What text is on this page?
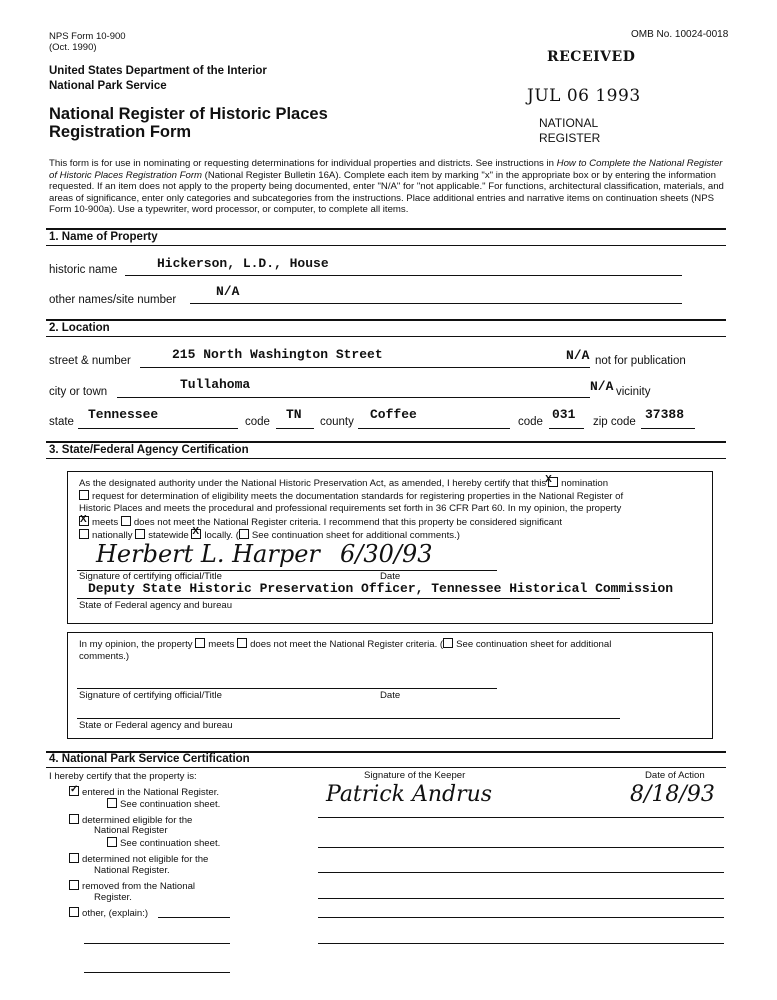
NPS Form 10-900
(Oct. 1990)
OMB No. 10024-0018
United States Department of the Interior
National Park Service
National Register of Historic Places
Registration Form
RECEIVED
JUL 06 1993
NATIONAL
REGISTER
This form is for use in nominating or requesting determinations for individual properties and districts. See instructions in How to Complete the National Register of Historic Places Registration Form (National Register Bulletin 16A). Complete each item by marking "x" in the appropriate box or by entering the information requested. If an item does not apply to the property being documented, enter "N/A" for "not applicable." For functions, architectural classification, materials, and areas of significance, enter only categories and subcategories from the instructions. Place additional entries and narrative items on continuation sheets (NPS Form 10-900a). Use a typewriter, word processor, or computer, to complete all items.
1. Name of Property
historic name	Hickerson, L.D., House
other names/site number
N/A
2. Location
street & number	215 North Washington Street	N/A not for publication
city or town	Tullahoma	N/A vicinity
state Tennessee	code TN county Coffee	code 031 zip code 37388
3. State/Federal Agency Certification
As the designated authority under the National Historic Preservation Act, as amended, I hereby certify that this X nomination
request for determination of eligibility meets the documentation standards for registering properties in the National Register of
Historic Places and meets the procedural and professional requirements set forth in 36 CFR Part 60. In my opinion, the property
X meets does not meet the National Register criteria. I recommend that this property be considered significant
nationally statewide X locally. ( See continuation sheet for additional comments.)
Herbert L. Harper 6/30/93
Signature of certifying official/Title	Date
Deputy State Historic Preservation Officer, Tennessee Historical Commission
State of Federal agency and bureau
In my opinion, the property meets does not meet the National Register criteria. ( See continuation sheet for additional
comments.)
Signature of certifying official/Title	Date
State or Federal agency and bureau
4. National Park Service Certification
I hereby certify that the property is:	Signature of the Keeper	Date of Action
Patrick Andrus	8/18/93
✓ entered in the National Register.
See continuation sheet.
determined eligible for the
National Register
See continuation sheet.
determined not eligible for the
National Register.
removed from the National
Register.
other, (explain:)
